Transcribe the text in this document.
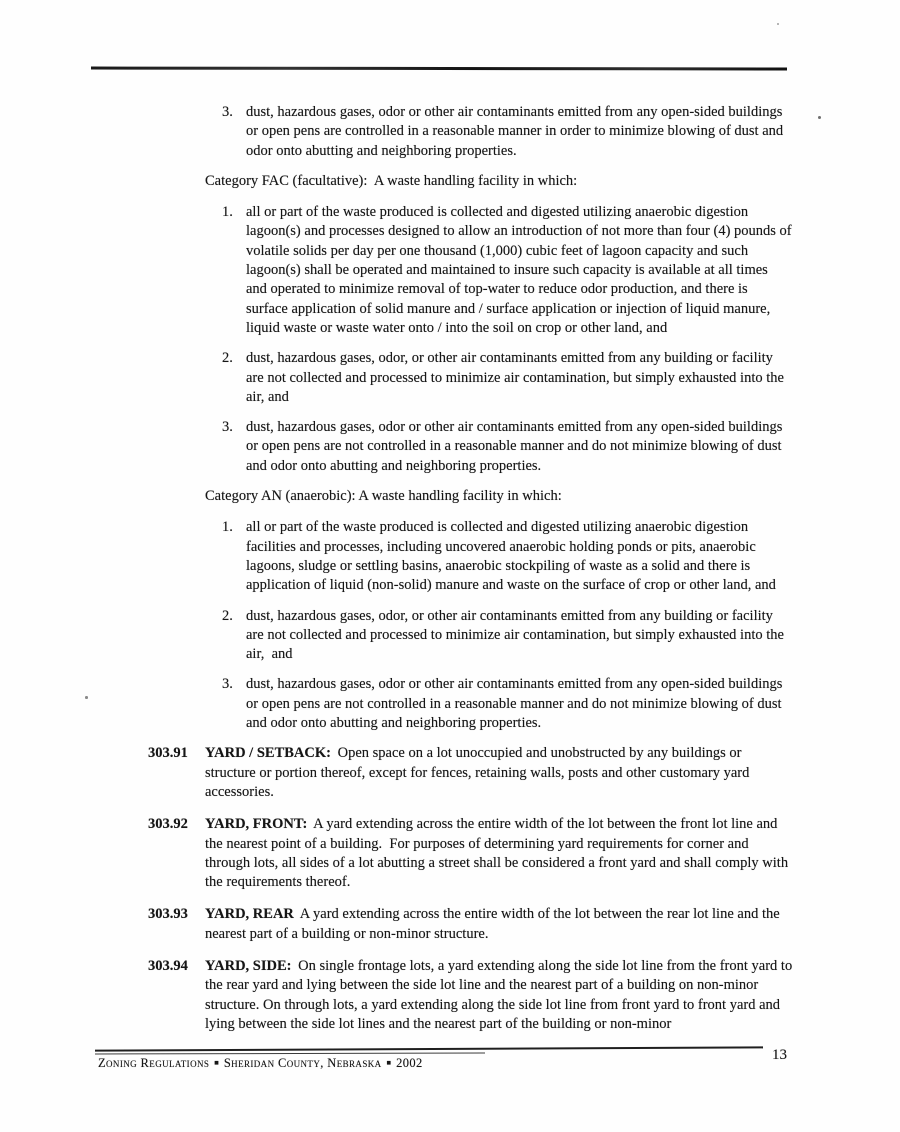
3. dust, hazardous gases, odor or other air contaminants emitted from any open-sided buildings or open pens are controlled in a reasonable manner in order to minimize blowing of dust and odor onto abutting and neighboring properties.
Category FAC (facultative):  A waste handling facility in which:
1. all or part of the waste produced is collected and digested utilizing anaerobic digestion lagoon(s) and processes designed to allow an introduction of not more than four (4) pounds of volatile solids per day per one thousand (1,000) cubic feet of lagoon capacity and such lagoon(s) shall be operated and maintained to insure such capacity is available at all times and operated to minimize removal of top-water to reduce odor production, and there is surface application of solid manure and / surface application or injection of liquid manure, liquid waste or waste water onto / into the soil on crop or other land, and
2. dust, hazardous gases, odor, or other air contaminants emitted from any building or facility are not collected and processed to minimize air contamination, but simply exhausted into the air, and
3. dust, hazardous gases, odor or other air contaminants emitted from any open-sided buildings or open pens are not controlled in a reasonable manner and do not minimize blowing of dust and odor onto abutting and neighboring properties.
Category AN (anaerobic): A waste handling facility in which:
1. all or part of the waste produced is collected and digested utilizing anaerobic digestion facilities and processes, including uncovered anaerobic holding ponds or pits, anaerobic lagoons, sludge or settling basins, anaerobic stockpiling of waste as a solid and there is application of liquid (non-solid) manure and waste on the surface of crop or other land, and
2. dust, hazardous gases, odor, or other air contaminants emitted from any building or facility are not collected and processed to minimize air contamination, but simply exhausted into the air,  and
3. dust, hazardous gases, odor or other air contaminants emitted from any open-sided buildings or open pens are not controlled in a reasonable manner and do not minimize blowing of dust and odor onto abutting and neighboring properties.
303.91	YARD / SETBACK: Open space on a lot unoccupied and unobstructed by any buildings or structure or portion thereof, except for fences, retaining walls, posts and other customary yard accessories.
303.92	YARD, FRONT: A yard extending across the entire width of the lot between the front lot line and the nearest point of a building.  For purposes of determining yard requirements for corner and through lots, all sides of a lot abutting a street shall be considered a front yard and shall comply with the requirements thereof.
303.93	YARD, REAR A yard extending across the entire width of the lot between the rear lot line and the nearest part of a building or non-minor structure.
303.94	YARD, SIDE: On single frontage lots, a yard extending along the side lot line from the front yard to the rear yard and lying between the side lot line and the nearest part of a building on non-minor structure. On through lots, a yard extending along the side lot line from front yard to front yard and lying between the side lot lines and the nearest part of the building or non-minor
Zoning Regulations ■ Sheridan County, Nebraska ■ 2002	13
